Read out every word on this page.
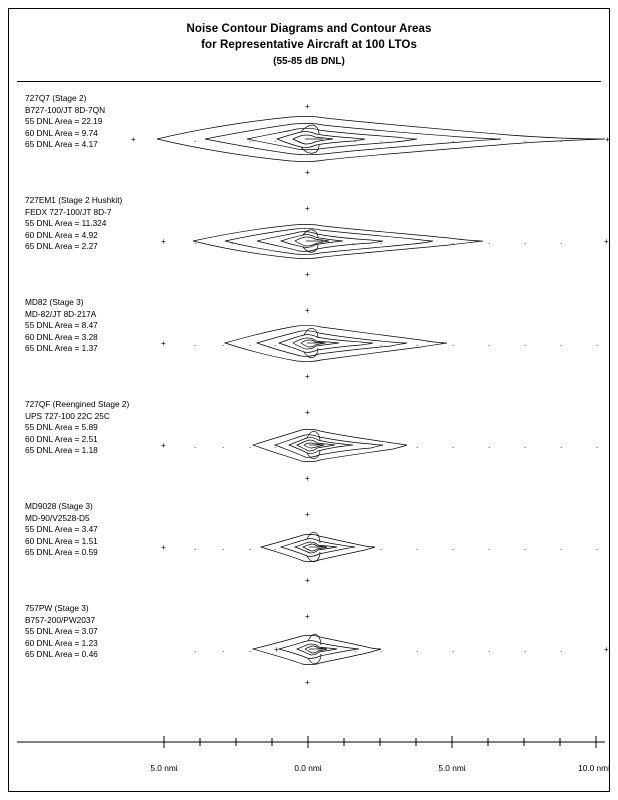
Noise Contour Diagrams and Contour Areas
for Representative Aircraft at 100 LTOs
(55-85 dB DNL)
727Q7 (Stage 2)
B727-100/JT 8D-7QN
55 DNL Area = 22.19
60 DNL Area = 9.74
65 DNL Area = 4.17	+
+
+
+
.	.	.	.	.	.	.	.
727EM1 (Stage 2 Hushkit)
FEDX 727-100/JT 8D-7
55 DNL Area = 11.324
60 DNL Area = 4.92
65 DNL Area = 2.27	+
+
+
+
.	.	.	.	.	.	.	.	.
MD82 (Stage 3)
MD-82/JT 8D-217A
55 DNL Area = 8.47
60 DNL Area = 3.28
65 DNL Area = 1.37	+
+
+
.	.	.	.	.	.	.	.	.	.	.	.
727QF (Reengined Stage 2)
UPS 727-100 22C 25C
55 DNL Area = 5.89
60 DNL Area = 2.51
65 DNL Area = 1.18	+
+
+
.	.	.	.	.	.	.	.	.	.
MD9028 (Stage 3)
MD-90/V2528-D5
55 DNL Area = 3.47
60 DNL Area = 1.51
65 DNL Area = 0.59	+
+
+
.	.	.	.	.	.	.	.	.	.	.
757PW (Stage 3)
B757-200/PW2037
55 DNL Area = 3.07
60 DNL Area = 1.23
65 DNL Area = 0.46	+
+
+
+
.	.	.	.	.	.	.	.	.	.
5.0 nmi	0.0 nmi	5.0 nmi	10.0 nmi
